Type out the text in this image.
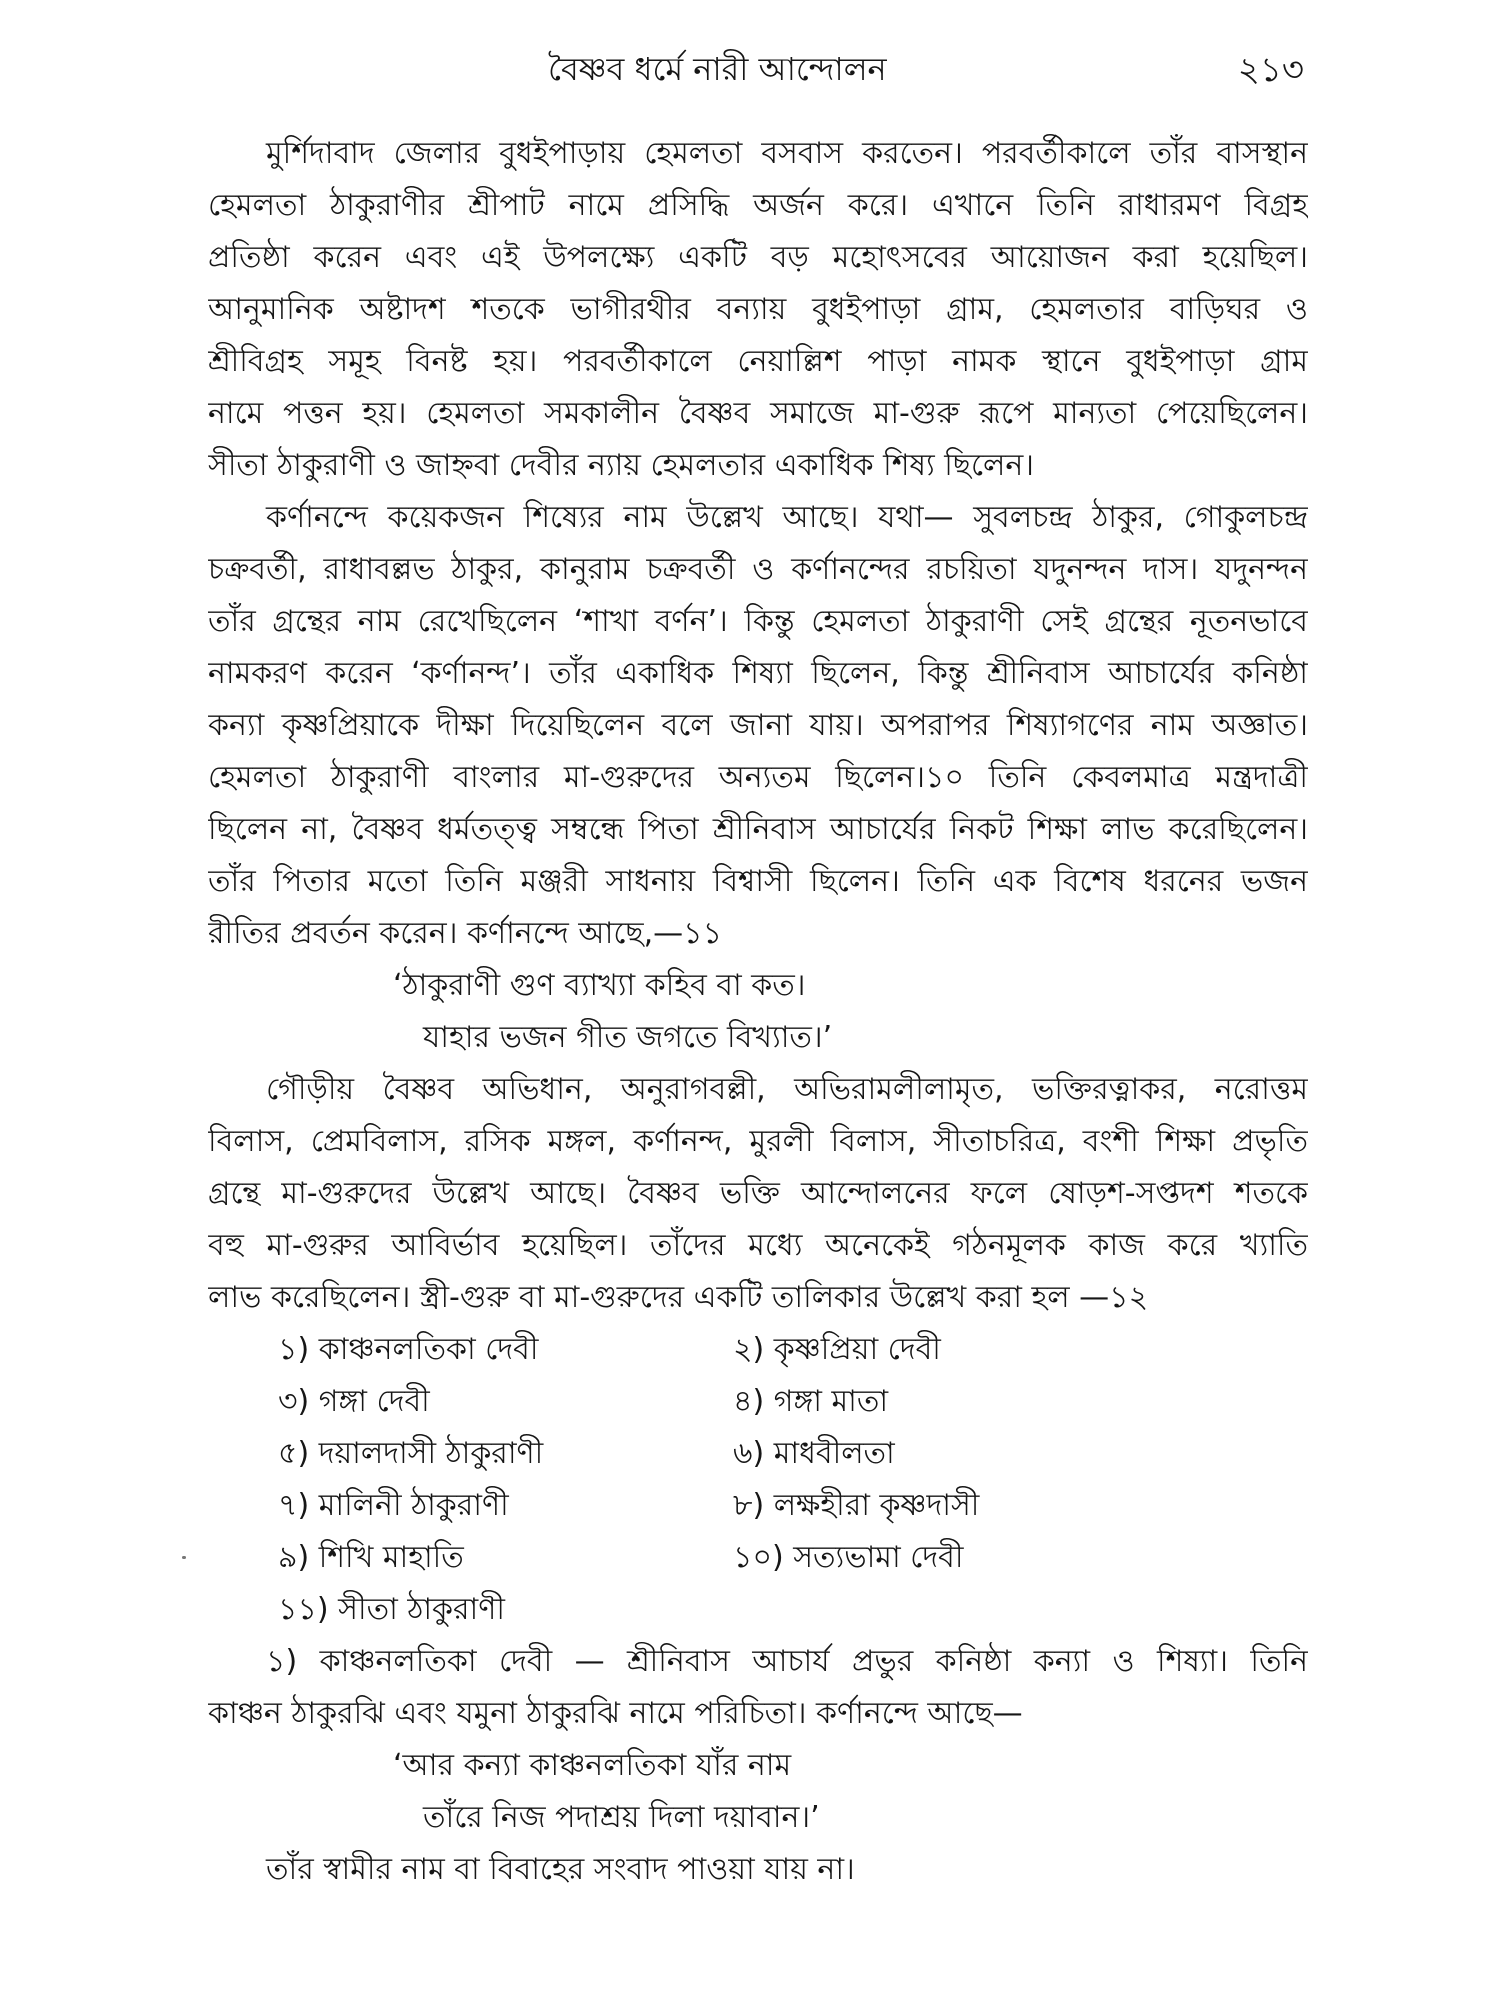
বৈষ্ণব ধর্মে নারী আন্দোলন	২১৩
মুর্শিদাবাদ জেলার বুধইপাড়ায় হেমলতা বসবাস করতেন। পরবর্তীকালে তাঁর বাসস্থান
হেমলতা ঠাকুরাণীর শ্রীপাট নামে প্রসিদ্ধি অর্জন করে। এখানে তিনি রাধারমণ বিগ্রহ
প্রতিষ্ঠা করেন এবং এই উপলক্ষ্যে একটি বড় মহোৎসবের আয়োজন করা হয়েছিল।
আনুমানিক অষ্টাদশ শতকে ভাগীরথীর বন্যায় বুধইপাড়া গ্রাম, হেমলতার বাড়িঘর ও
শ্রীবিগ্রহ সমূহ বিনষ্ট হয়। পরবর্তীকালে নেয়াল্লিশ পাড়া নামক স্থানে বুধইপাড়া গ্রাম
নামে পত্তন হয়। হেমলতা সমকালীন বৈষ্ণব সমাজে মা-গুরু রূপে মান্যতা পেয়েছিলেন।
সীতা ঠাকুরাণী ও জাহ্নবা দেবীর ন্যায় হেমলতার একাধিক শিষ্য ছিলেন।
কর্ণানন্দে কয়েকজন শিষ্যের নাম উল্লেখ আছে। যথা— সুবলচন্দ্র ঠাকুর, গোকুলচন্দ্র
চক্রবর্তী, রাধাবল্লভ ঠাকুর, কানুরাম চক্রবর্তী ও কর্ণানন্দের রচয়িতা যদুনন্দন দাস। যদুনন্দন
তাঁর গ্রন্থের নাম রেখেছিলেন ‘শাখা বর্ণন’। কিন্তু হেমলতা ঠাকুরাণী সেই গ্রন্থের নূতনভাবে
নামকরণ করেন ‘কর্ণানন্দ’। তাঁর একাধিক শিষ্যা ছিলেন, কিন্তু শ্রীনিবাস আচার্যের কনিষ্ঠা
কন্যা কৃষ্ণপ্রিয়াকে দীক্ষা দিয়েছিলেন বলে জানা যায়। অপরাপর শিষ্যাগণের নাম অজ্ঞাত।
হেমলতা ঠাকুরাণী বাংলার মা-গুরুদের অন্যতম ছিলেন।১০ তিনি কেবলমাত্র মন্ত্রদাত্রী
ছিলেন না, বৈষ্ণব ধর্মতত্ত্ব সম্বন্ধে পিতা শ্রীনিবাস আচার্যের নিকট শিক্ষা লাভ করেছিলেন।
তাঁর পিতার মতো তিনি মঞ্জরী সাধনায় বিশ্বাসী ছিলেন। তিনি এক বিশেষ ধরনের ভজন
রীতির প্রবর্তন করেন। কর্ণানন্দে আছে,—১১
‘ঠাকুরাণী গুণ ব্যাখ্যা কহিব বা কত।
যাহার ভজন গীত জগতে বিখ্যাত।’
গৌড়ীয় বৈষ্ণব অভিধান, অনুরাগবল্লী, অভিরামলীলামৃত, ভক্তিরত্নাকর, নরোত্তম
বিলাস, প্রেমবিলাস, রসিক মঙ্গল, কর্ণানন্দ, মুরলী বিলাস, সীতাচরিত্র, বংশী শিক্ষা প্রভৃতি
গ্রন্থে মা-গুরুদের উল্লেখ আছে। বৈষ্ণব ভক্তি আন্দোলনের ফলে ষোড়শ-সপ্তদশ শতকে
বহু মা-গুরুর আবির্ভাব হয়েছিল। তাঁদের মধ্যে অনেকেই গঠনমূলক কাজ করে খ্যাতি
লাভ করেছিলেন। স্ত্রী-গুরু বা মা-গুরুদের একটি তালিকার উল্লেখ করা হল —১২
১) কাঞ্চনলতিকা দেবী	২) কৃষ্ণপ্রিয়া দেবী
৩) গঙ্গা দেবী	৪) গঙ্গা মাতা
৫) দয়ালদাসী ঠাকুরাণী	৬) মাধবীলতা
৭) মালিনী ঠাকুরাণী	৮) লক্ষহীরা কৃষ্ণদাসী
৯) শিখি মাহাতি	১০) সত্যভামা দেবী
১১) সীতা ঠাকুরাণী
১) কাঞ্চনলতিকা দেবী — শ্রীনিবাস আচার্য প্রভুর কনিষ্ঠা কন্যা ও শিষ্যা। তিনি
কাঞ্চন ঠাকুরঝি এবং যমুনা ঠাকুরঝি নামে পরিচিতা। কর্ণানন্দে আছে—
‘আর কন্যা কাঞ্চনলতিকা যাঁর নাম
তাঁরে নিজ পদাশ্রয় দিলা দয়াবান।’
তাঁর স্বামীর নাম বা বিবাহের সংবাদ পাওয়া যায় না।
